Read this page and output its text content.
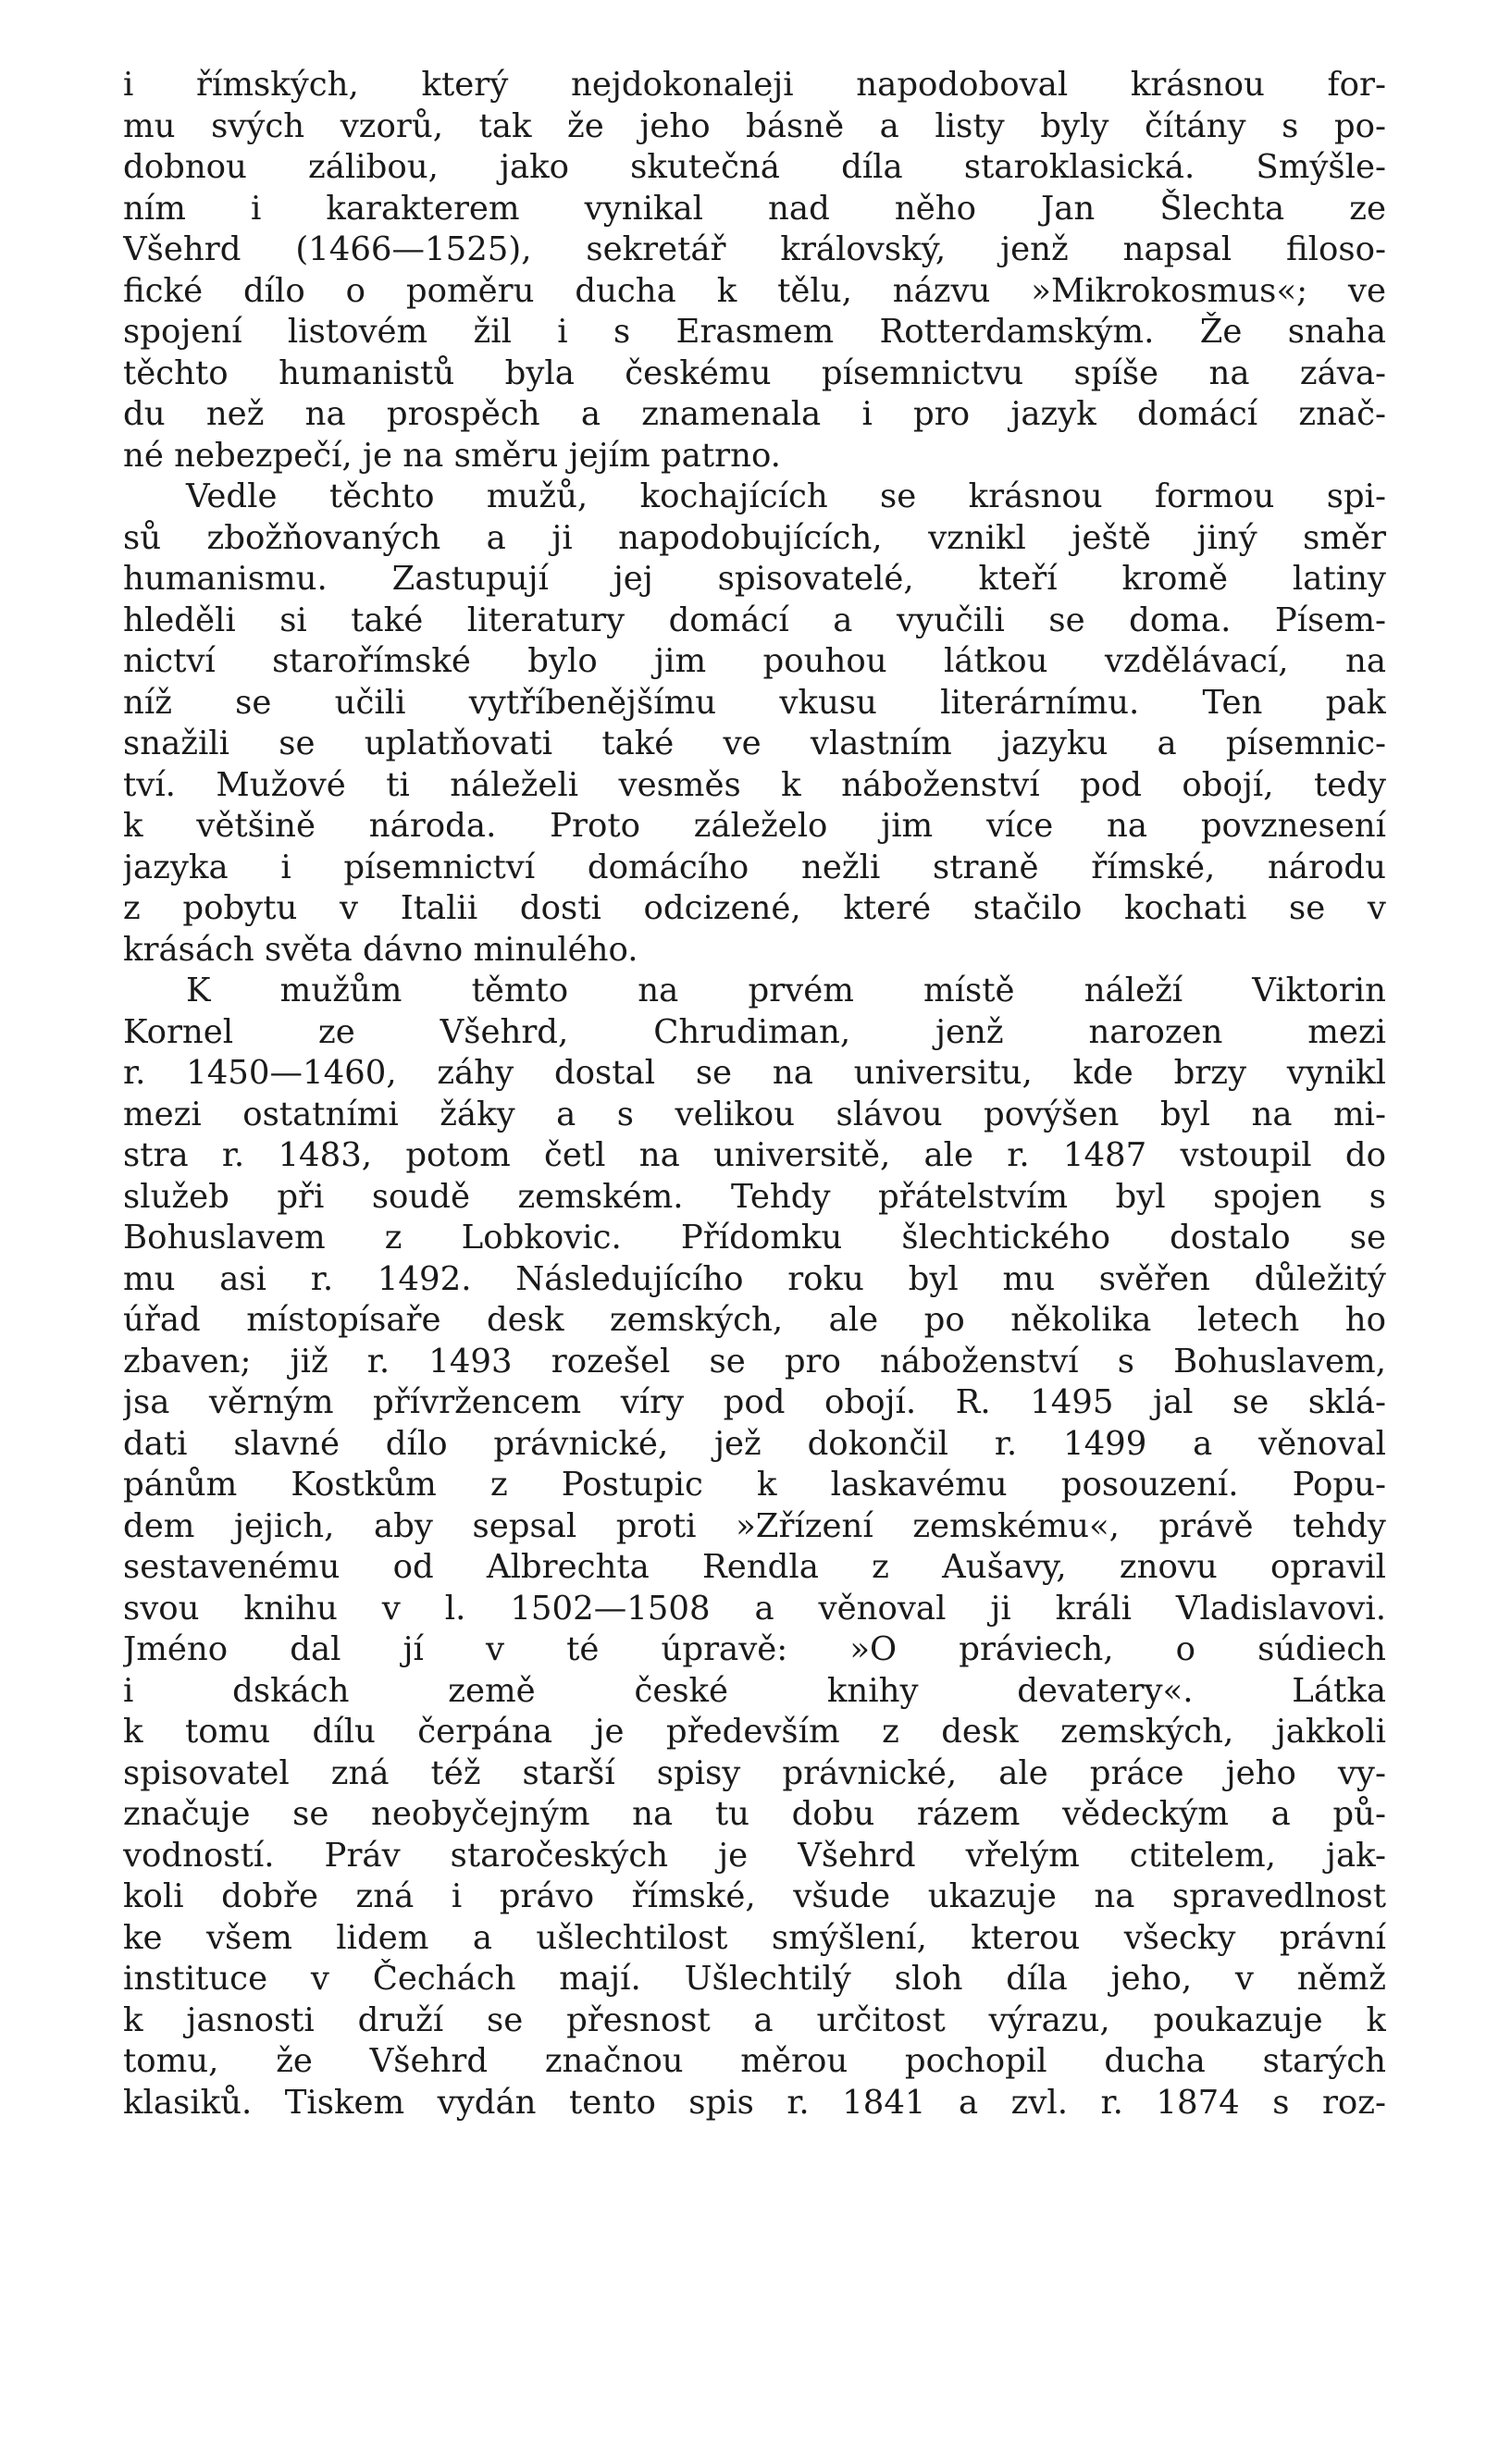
i římských, který nejdokonaleji napodoboval krásnou for-
mu svých vzorů, tak že jeho básně a listy byly čítány s po-
dobnou zálibou, jako skutečná díla staroklasická. Smýšle-
ním i karakterem vynikal nad něho Jan Šlechta ze
Všehrd (1466—1525), sekretář královský, jenž napsal filoso-
fické dílo o poměru ducha k tělu, názvu »Mikrokosmus«; ve
spojení listovém žil i s Erasmem Rotterdamským. Že snaha
těchto humanistů byla českému písemnictvu spíše na záva-
du než na prospěch a znamenala i pro jazyk domácí znač-
né nebezpečí, je na směru jejím patrno.
Vedle těchto mužů, kochajících se krásnou formou spi-
sů zbožňovaných a ji napodobujících, vznikl ještě jiný směr
humanismu. Zastupují jej spisovatelé, kteří kromě latiny
hleděli si také literatury domácí a vyučili se doma. Písem-
nictví starořímské bylo jim pouhou látkou vzdělávací, na
níž se učili vytříbenějšímu vkusu literárnímu. Ten pak
snažili se uplatňovati také ve vlastním jazyku a písemnic-
tví. Mužové ti náleželi vesměs k náboženství pod obojí, tedy
k většině národa. Proto záleželo jim více na povznesení
jazyka i písemnictví domácího nežli straně římské, národu
z pobytu v Italii dosti odcizené, které stačilo kochati se v
krásách světa dávno minulého.
K mužům těmto na prvém místě náleží Viktorin
Kornel ze Všehrd, Chrudiman, jenž narozen mezi
r. 1450—1460, záhy dostal se na universitu, kde brzy vynikl
mezi ostatními žáky a s velikou slávou povýšen byl na mi-
stra r. 1483, potom četl na universitě, ale r. 1487 vstoupil do
služeb při soudě zemském. Tehdy přátelstvím byl spojen s
Bohuslavem z Lobkovic. Přídomku šlechtického dostalo se
mu asi r. 1492. Následujícího roku byl mu svěřen důležitý
úřad místopísaře desk zemských, ale po několika letech ho
zbaven; již r. 1493 rozešel se pro náboženství s Bohuslavem,
jsa věrným přívržencem víry pod obojí. R. 1495 jal se sklá-
dati slavné dílo právnické, jež dokončil r. 1499 a věnoval
pánům Kostkům z Postupic k laskavému posouzení. Popu-
dem jejich, aby sepsal proti »Zřízení zemskému«, právě tehdy
sestavenému od Albrechta Rendla z Aušavy, znovu opravil
svou knihu v l. 1502—1508 a věnoval ji králi Vladislavovi.
Jméno dal jí v té úpravě: »O práviech, o súdiech
i dskách země české knihy devatery«. Látka
k tomu dílu čerpána je především z desk zemských, jakkoli
spisovatel zná též starší spisy právnické, ale práce jeho vy-
značuje se neobyčejným na tu dobu rázem vědeckým a pů-
vodností. Práv staročeských je Všehrd vřelým ctitelem, jak-
koli dobře zná i právo římské, všude ukazuje na spravedlnost
ke všem lidem a ušlechtilost smýšlení, kterou všecky právní
instituce v Čechách mají. Ušlechtilý sloh díla jeho, v němž
k jasnosti druží se přesnost a určitost výrazu, poukazuje k
tomu, že Všehrd značnou měrou pochopil ducha starých
klasiků. Tiskem vydán tento spis r. 1841 a zvl. r. 1874 s roz-
